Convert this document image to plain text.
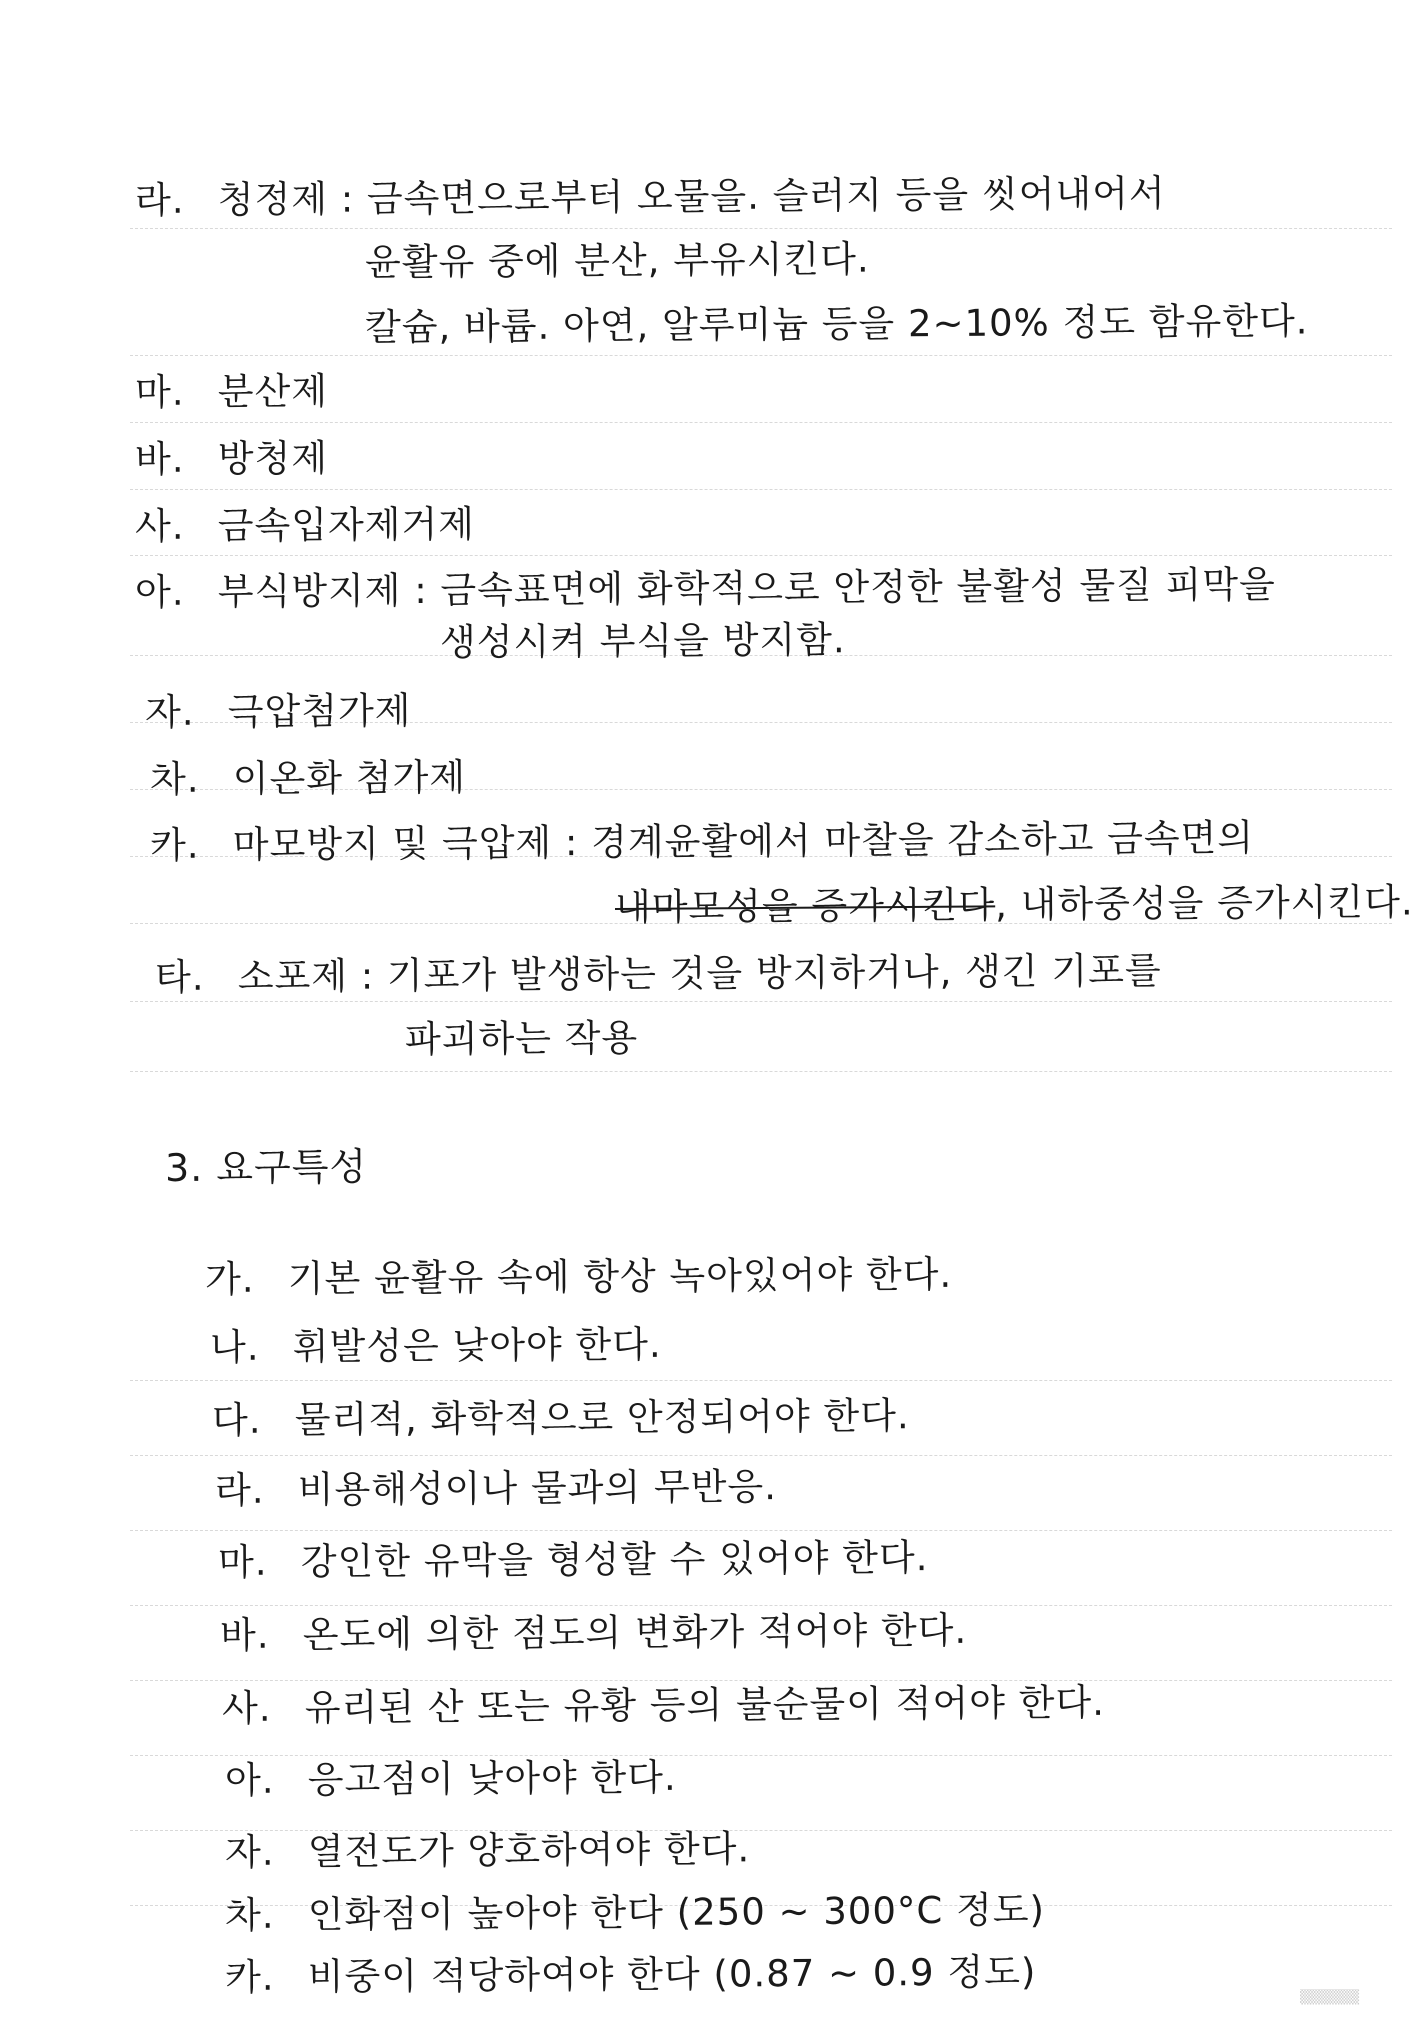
라. 청정제 : 금속면으로부터 오물을. 슬러지 등을 씻어내어서
윤활유 중에 분산, 부유시킨다.
칼슘, 바륨. 아연, 알루미늄 등을 2~10% 정도 함유한다.
마. 분산제
바. 방청제
사. 금속입자제거제
아. 부식방지제 : 금속표면에 화학적으로 안정한 불활성 물질 피막을
생성시켜 부식을 방지함.
자. 극압첨가제
차. 이온화 첨가제
카. 마모방지 및 극압제 : 경계윤활에서 마찰을 감소하고 금속면의
내마모성을 증가시킨다, 내하중성을 증가시킨다.
타. 소포제 : 기포가 발생하는 것을 방지하거나, 생긴 기포를
파괴하는 작용
3. 요구특성
가. 기본 윤활유 속에 항상 녹아있어야 한다.
나. 휘발성은 낮아야 한다.
다. 물리적, 화학적으로 안정되어야 한다.
라. 비용해성이나 물과의 무반응.
마. 강인한 유막을 형성할 수 있어야 한다.
바. 온도에 의한 점도의 변화가 적어야 한다.
사. 유리된 산 또는 유황 등의 불순물이 적어야 한다.
아. 응고점이 낮아야 한다.
자. 열전도가 양호하여야 한다.
차. 인화점이 높아야 한다 (250 ~ 300°C 정도)
카. 비중이 적당하여야 한다 (0.87 ~ 0.9 정도)	▒▒▒▒▒▒▒
